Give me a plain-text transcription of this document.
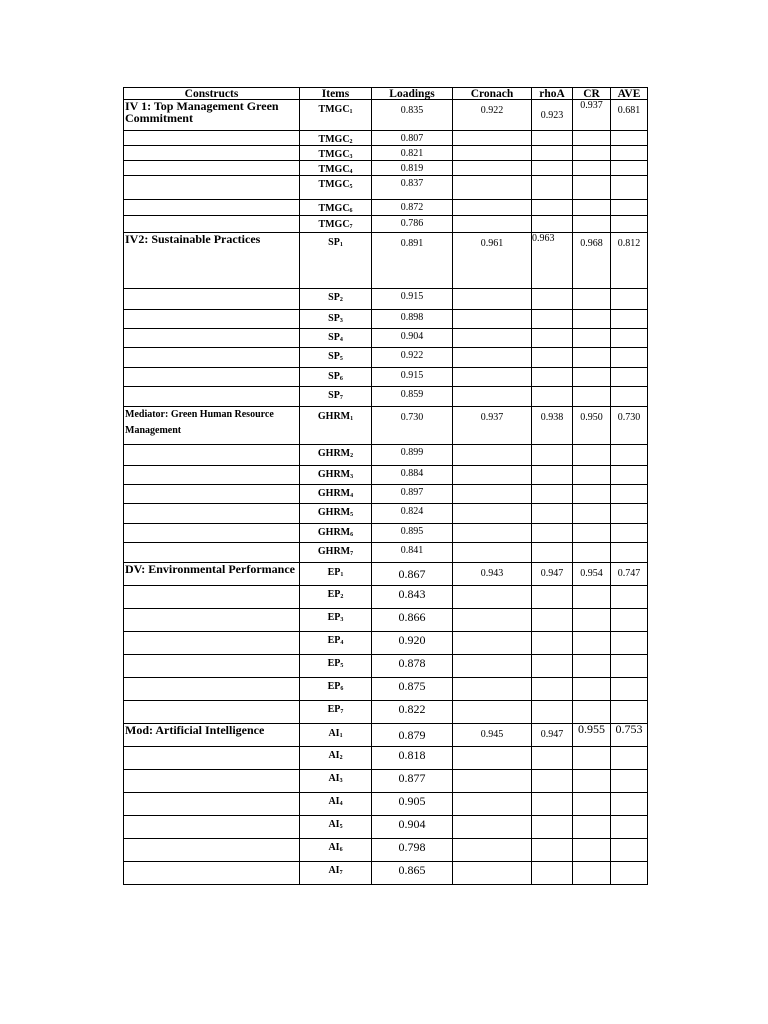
Constructs	Items	Loadings	Cronach	rhoA	CR	AVE
IV 1: Top Management Green Commitment	$TMGC_1$	0.835	0.922	0.923	0.937	0.681
	$TMGC_2$	0.807				
	$TMGC_3$	0.821				
	$TMGC_4$	0.819				
	$TMGC_5$	0.837				
	$TMGC_6$	0.872				
	$TMGC_7$	0.786				
IV2: Sustainable Practices	$SP_1$	0.891	0.961	0.963	0.968	0.812
	$SP_2$	0.915				
	$SP_3$	0.898				
	$SP_4$	0.904				
	$SP_5$	0.922				
	$SP_6$	0.915				
	$SP_7$	0.859				
Mediator: Green Human Resource Management	$GHRM_1$	0.730	0.937	0.938	0.950	0.730
	$GHRM_2$	0.899				
	$GHRM_3$	0.884				
	$GHRM_4$	0.897				
	$GHRM_5$	0.824				
	$GHRM_6$	0.895				
	$GHRM_7$	0.841				
DV: Environmental Performance	$EP_1$	0.867	0.943	0.947	0.954	0.747
	$EP_2$	0.843				
	$EP_3$	0.866				
	$EP_4$	0.920				
	$EP_5$	0.878				
	$EP_6$	0.875				
	$EP_7$	0.822				
Mod: Artificial Intelligence	$AI_1$	0.879	0.945	0.947	0.955	0.753
	$AI_2$	0.818				
	$AI_3$	0.877				
	$AI_4$	0.905				
	$AI_5$	0.904				
	$AI_6$	0.798				
	$AI_7$	0.865				
